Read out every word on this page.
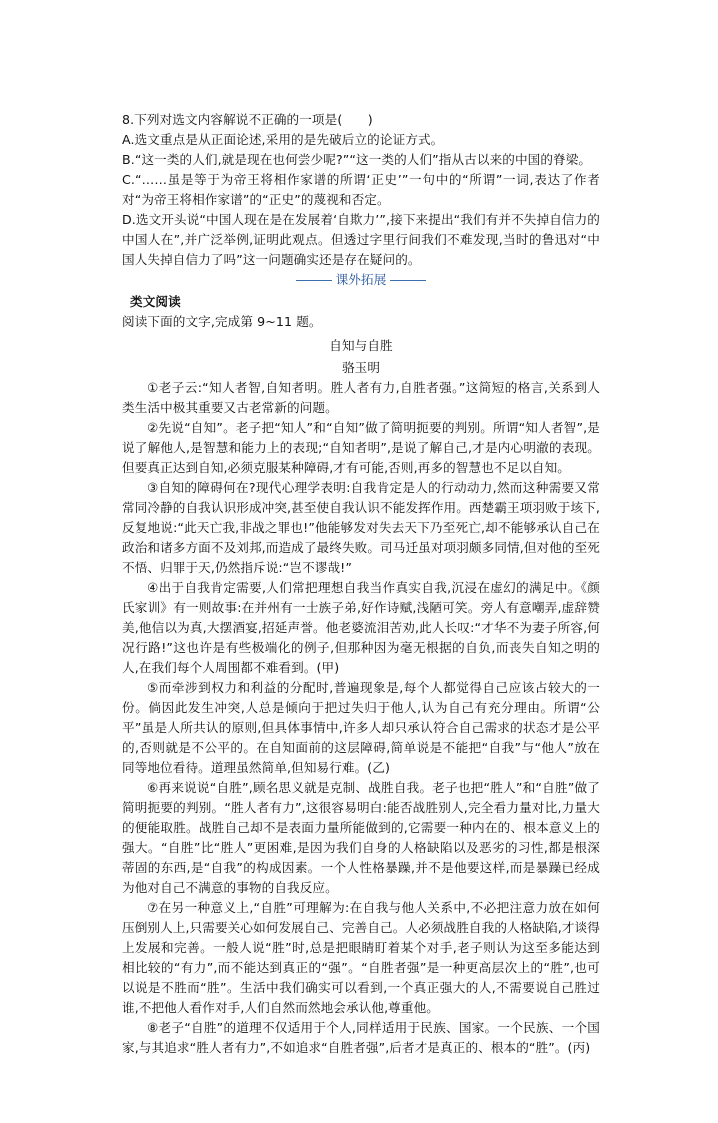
8.下列对选文内容解说不正确的一项是(　　)

A.选文重点是从正面论述,采用的是先破后立的论证方式。

B.“这一类的人们,就是现在也何尝少呢?”“这一类的人们”指从古以来的中国的脊梁。

C.“……虽是等于为帝王将相作家谱的所谓‘正史’”一句中的“所谓”一词,表达了作者对“为帝王将相作家谱”的“正史”的蔑视和否定。

D.选文开头说“中国人现在是在发展着‘自欺力’”,接下来提出“我们有并不失掉自信力的中国人在”,并广泛举例,证明此观点。但透过字里行间我们不难发现,当时的鲁迅对“中国人失掉自信力了吗”这一问题确实还是存在疑问的。

课外拓展

类文阅读

阅读下面的文字,完成第 9~11 题。

自知与自胜

骆玉明

①老子云:“知人者智,自知者明。胜人者有力,自胜者强。”这简短的格言,关系到人类生活中极其重要又古老常新的问题。

②先说“自知”。老子把“知人”和“自知”做了简明扼要的判别。所谓“知人者智”,是说了解他人,是智慧和能力上的表现;“自知者明”,是说了解自己,才是内心明澈的表现。但要真正达到自知,必须克服某种障碍,才有可能,否则,再多的智慧也不足以自知。

③自知的障碍何在?现代心理学表明:自我肯定是人的行动动力,然而这种需要又常常同冷静的自我认识形成冲突,甚至使自我认识不能发挥作用。西楚霸王项羽败于垓下,反复地说:“此天亡我,非战之罪也!”他能够发对失去天下乃至死亡,却不能够承认自己在政治和诸多方面不及刘邦,而造成了最终失败。司马迁虽对项羽颇多同情,但对他的至死不悟、归罪于天,仍然指斥说:“岂不谬哉!”

④出于自我肯定需要,人们常把理想自我当作真实自我,沉浸在虚幻的满足中。《颜氏家训》有一则故事:在并州有一士族子弟,好作诗赋,浅陋可笑。旁人有意嘲弄,虚辞赞美,他信以为真,大摆酒宴,招延声誉。他老婆流泪苦劝,此人长叹:“才华不为妻子所容,何况行路!”这也许是有些极端化的例子,但那种因为毫无根据的自负,而丧失自知之明的人,在我们每个人周围都不难看到。(甲)

⑤而牵涉到权力和利益的分配时,普遍现象是,每个人都觉得自己应该占较大的一份。倘因此发生冲突,人总是倾向于把过失归于他人,认为自己有充分理由。所谓“公平”虽是人所共认的原则,但具体事情中,许多人却只承认符合自己需求的状态才是公平的,否则就是不公平的。在自知面前的这层障碍,简单说是不能把“自我”与“他人”放在同等地位看待。道理虽然简单,但知易行难。(乙)

⑥再来说说“自胜”,顾名思义就是克制、战胜自我。老子也把“胜人”和“自胜”做了简明扼要的判别。“胜人者有力”,这很容易明白:能否战胜别人,完全看力量对比,力量大的便能取胜。战胜自己却不是表面力量所能做到的,它需要一种内在的、根本意义上的强大。“自胜”比“胜人”更困难,是因为我们自身的人格缺陷以及恶劣的习性,都是根深蒂固的东西,是“自我”的构成因素。一个人性格暴躁,并不是他要这样,而是暴躁已经成为他对自己不满意的事物的自我反应。

⑦在另一种意义上,“自胜”可理解为:在自我与他人关系中,不必把注意力放在如何压倒别人上,只需要关心如何发展自己、完善自己。人必须战胜自我的人格缺陷,才谈得上发展和完善。一般人说“胜”时,总是把眼睛盯着某个对手,老子则认为这至多能达到相比较的“有力”,而不能达到真正的“强”。“自胜者强”是一种更高层次上的“胜”,也可以说是不胜而“胜”。生活中我们确实可以看到,一个真正强大的人,不需要说自己胜过谁,不把他人看作对手,人们自然而然地会承认他,尊重他。

⑧老子“自胜”的道理不仅适用于个人,同样适用于民族、国家。一个民族、一个国家,与其追求“胜人者有力”,不如追求“自胜者强”,后者才是真正的、根本的“胜”。(丙)
